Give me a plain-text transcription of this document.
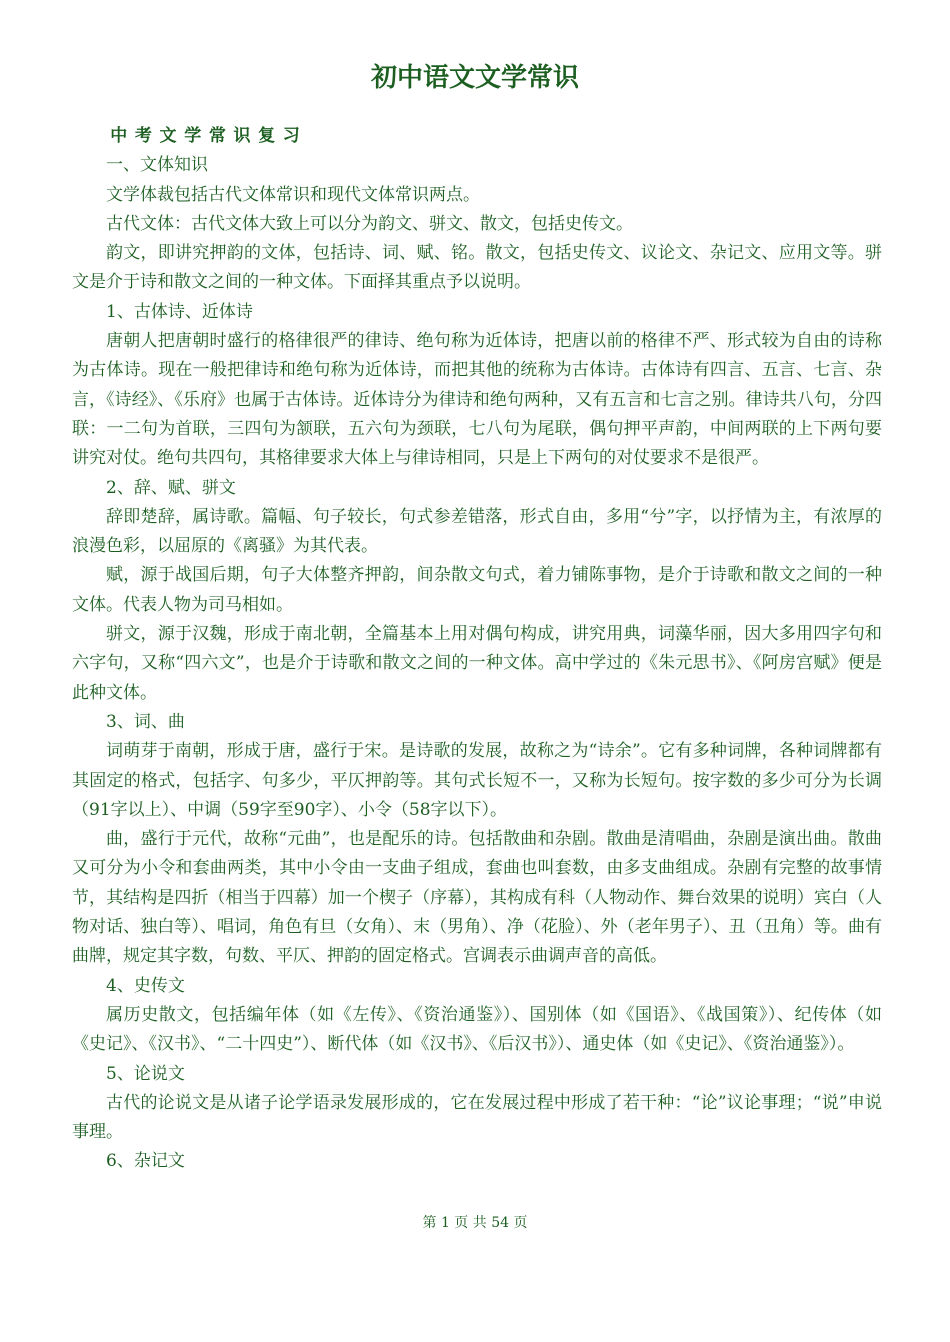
初中语文文学常识

中考文学常识复习

一、文体知识

文学体裁包括古代文体常识和现代文体常识两点。

古代文体：古代文体大致上可以分为韵文、骈文、散文，包括史传文。

韵文，即讲究押韵的文体，包括诗、词、赋、铭。散文，包括史传文、议论文、杂记文、应用文等。骈文是介于诗和散文之间的一种文体。下面择其重点予以说明。

1、古体诗、近体诗

唐朝人把唐朝时盛行的格律很严的律诗、绝句称为近体诗，把唐以前的格律不严、形式较为自由的诗称为古体诗。现在一般把律诗和绝句称为近体诗，而把其他的统称为古体诗。古体诗有四言、五言、七言、杂言，《诗经》、《乐府》也属于古体诗。近体诗分为律诗和绝句两种，又有五言和七言之别。律诗共八句，分四联：一二句为首联，三四句为颔联，五六句为颈联，七八句为尾联，偶句押平声韵，中间两联的上下两句要讲究对仗。绝句共四句，其格律要求大体上与律诗相同，只是上下两句的对仗要求不是很严。

2、辞、赋、骈文

辞即楚辞，属诗歌。篇幅、句子较长，句式参差错落，形式自由，多用“兮”字，以抒情为主，有浓厚的浪漫色彩，以屈原的《离骚》为其代表。

赋，源于战国后期，句子大体整齐押韵，间杂散文句式，着力铺陈事物，是介于诗歌和散文之间的一种文体。代表人物为司马相如。

骈文，源于汉魏，形成于南北朝，全篇基本上用对偶句构成，讲究用典，词藻华丽，因大多用四字句和六字句，又称“四六文”，也是介于诗歌和散文之间的一种文体。高中学过的《朱元思书》、《阿房宫赋》便是此种文体。

3、词、曲

词萌芽于南朝，形成于唐，盛行于宋。是诗歌的发展，故称之为“诗余”。它有多种词牌，各种词牌都有其固定的格式，包括字、句多少，平仄押韵等。其句式长短不一，又称为长短句。按字数的多少可分为长调（91字以上）、中调（59字至90字）、小令（58字以下）。

曲，盛行于元代，故称“元曲”，也是配乐的诗。包括散曲和杂剧。散曲是清唱曲，杂剧是演出曲。散曲又可分为小令和套曲两类，其中小令由一支曲子组成，套曲也叫套数，由多支曲组成。杂剧有完整的故事情节，其结构是四折（相当于四幕）加一个楔子（序幕），其构成有科（人物动作、舞台效果的说明）宾白（人物对话、独白等）、唱词，角色有旦（女角）、末（男角）、净（花脸）、外（老年男子）、丑（丑角）等。曲有曲牌，规定其字数，句数、平仄、押韵的固定格式。宫调表示曲调声音的高低。

4、史传文

属历史散文，包括编年体（如《左传》、《资治通鉴》）、国别体（如《国语》、《战国策》）、纪传体（如《史记》、《汉书》、“二十四史”）、断代体（如《汉书》、《后汉书》）、通史体（如《史记》、《资治通鉴》）。

5、论说文

古代的论说文是从诸子论学语录发展形成的，它在发展过程中形成了若干种：“论”议论事理；“说”申说事理。

6、杂记文

第 1 页 共 54 页
